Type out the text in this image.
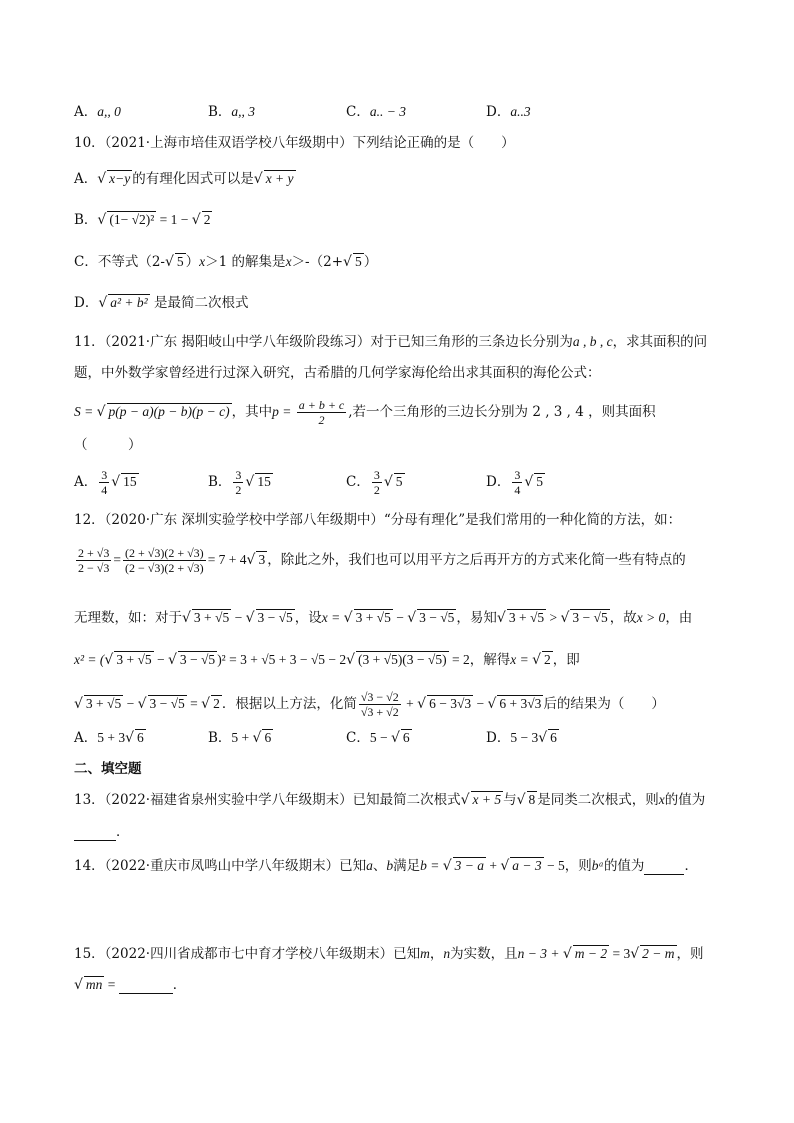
A．a,, 0	B．a,, 3	C．a.. − 3	D．a..3
10．（2021·上海市培佳双语学校八年级期中）下列结论正确的是（　　）
A．√ x−y 的有理化因式可以是√ x + y
B．√ (1− √2)² = 1 − √ 2
C．不等式（2-√ 5 ）x＞1 的解集是x＞-（2+√ 5 ）
D．√ a² + b² 是最简二次根式
11．（2021·广东 揭阳岐山中学八年级阶段练习）对于已知三角形的三条边长分别为a , b , c，求其面积的问
题，中外数学家曾经进行过深入研究，古希腊的几何学家海伦给出求其面积的海伦公式：
S = √ p(p − a)(p − b)(p − c) ，其中$p = \frac{a + b + c}{2}$ ,若一个三角形的三边长分别为 2 , 3 , 4 ，则其面积
（　　　）
A． $\frac{3}{4}$ √ 15	B． $\frac{3}{2}$ √ 15	C． $\frac{3}{2}$ √ 5	D． $\frac{3}{4}$ √ 5
12．（2020·广东 深圳实验学校中学部八年级期中）“分母有理化”是我们常用的一种化简的方法，如：
$\frac{2 + √3}{2 - √3} = \frac{(2 + √3)(2 + √3)}{(2 - √3)(2 + √3)} = 7 + 4√$ 3 ，除此之外，我们也可以用平方之后再开方的方式来化简一些有特点的
无理数，如：对于√ 3 + √5 − √ 3 − √5 ，设x = √ 3 + √5 − √ 3 − √5 ，易知√ 3 + √5 > √ 3 − √5 ，故x > 0，由
x² = (√ 3 + √5 − √ 3 − √5 )² = 3 + √5 + 3 − √5 − 2√ (3 + √5)(3 − √5) = 2，解得x = √ 2 ，即
√ 3 + √5 − √ 3 − √5 = √ 2 ．根据以上方法，化简 $\frac{√3 - √2}{√3 + √2}$ + √ 6 − 3√3 − √ 6 + 3√3 后的结果为（　　）
A．5 + 3√ 6	B．5 + √ 6	C．5 − √ 6	D．5 − 3√ 6
二、填空题
13．（2022·福建省泉州实验中学八年级期末）已知最简二次根式√ x + 5 与√ 8 是同类二次根式，则x的值为
．
14．（2022·重庆市凤鸣山中学八年级期末）已知a、b满足b = √ 3 − a + √ a − 3 − 5，则bᵃ的值为	．
15．（2022·四川省成都市七中育才学校八年级期末）已知m，n为实数，且n − 3 + √ m − 2 = 3√ 2 − m ，则
√ mn =	．
